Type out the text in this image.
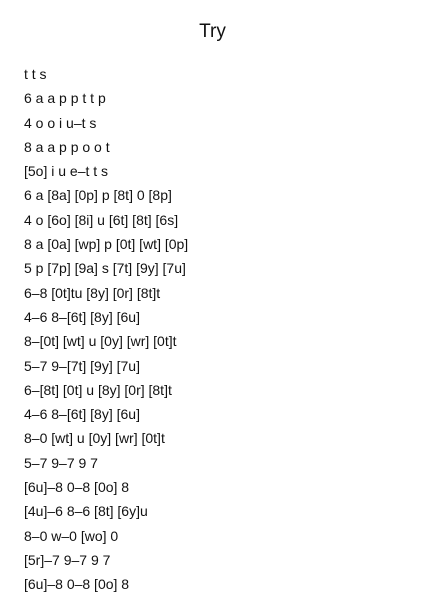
Try
t t s
6 a a p p t t p
4 o o i u–t s
8 a a p p o o t
[5o] i u e–t t s
6 a [8a] [0p] p [8t] 0 [8p]
4 o [6o] [8i] u [6t] [8t] [6s]
8 a [0a] [wp] p [0t] [wt] [0p]
5 p [7p] [9a] s [7t] [9y] [7u]
6–8 [0t]tu [8y] [0r] [8t]t
4–6 8–[6t] [8y] [6u]
8–[0t] [wt] u [0y] [wr] [0t]t
5–7 9–[7t] [9y] [7u]
6–[8t] [0t] u [8y] [0r] [8t]t
4–6 8–[6t] [8y] [6u]
8–0 [wt] u [0y] [wr] [0t]t
5–7 9–7 9 7
[6u]–8 0–8 [0o] 8
[4u]–6 8–6 [8t] [6y]u
8–0 w–0 [wo] 0
[5r]–7 9–7 9 7
[6u]–8 0–8 [0o] 8
